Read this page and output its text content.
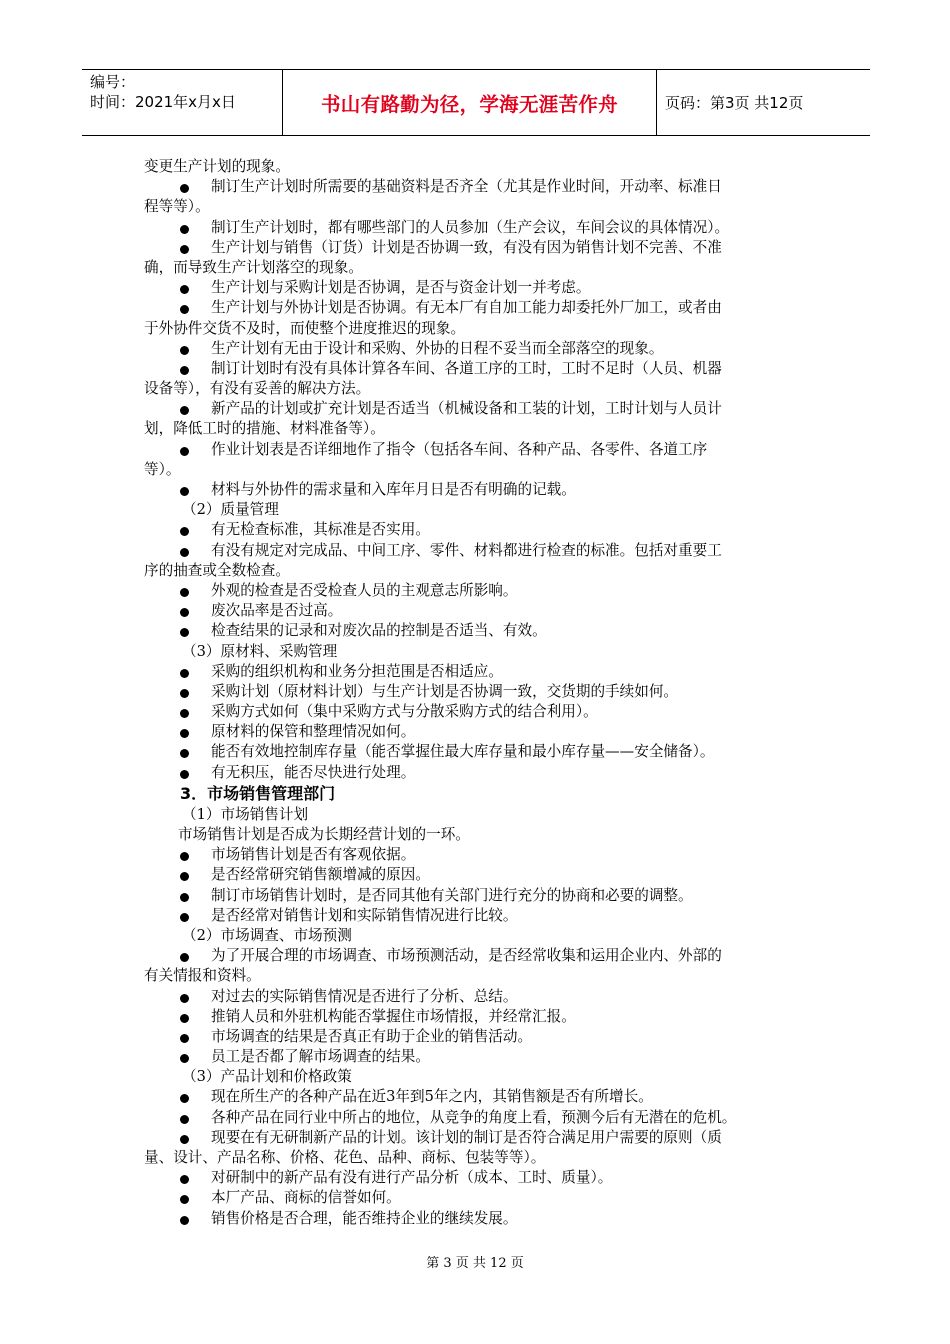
编号：
时间：2021年x月x日	书山有路勤为径，学海无涯苦作舟	页码：第3页 共12页
变更生产计划的现象。
制订生产计划时所需要的基础资料是否齐全（尤其是作业时间，开动率、标准日
程等等）。
制订生产计划时，都有哪些部门的人员参加（生产会议，车间会议的具体情况）。
生产计划与销售（订货）计划是否协调一致，有没有因为销售计划不完善、不准
确，而导致生产计划落空的现象。
生产计划与采购计划是否协调，是否与资金计划一并考虑。
生产计划与外协计划是否协调。有无本厂有自加工能力却委托外厂加工，或者由
于外协件交货不及时，而使整个进度推迟的现象。
生产计划有无由于设计和采购、外协的日程不妥当而全部落空的现象。
制订计划时有没有具体计算各车间、各道工序的工时，工时不足时（人员、机器
设备等），有没有妥善的解决方法。
新产品的计划或扩充计划是否适当（机械设备和工装的计划，工时计划与人员计
划，降低工时的措施、材料准备等）。
作业计划表是否详细地作了指令（包括各车间、各种产品、各零件、各道工序
等）。
材料与外协件的需求量和入库年月日是否有明确的记载。
（2）质量管理
有无检查标准，其标准是否实用。
有没有规定对完成品、中间工序、零件、材料都进行检查的标准。包括对重要工
序的抽查或全数检查。
外观的检查是否受检查人员的主观意志所影响。
废次品率是否过高。
检查结果的记录和对废次品的控制是否适当、有效。
（3）原材料、采购管理
采购的组织机构和业务分担范围是否相适应。
采购计划（原材料计划）与生产计划是否协调一致，交货期的手续如何。
采购方式如何（集中采购方式与分散采购方式的结合利用）。
原材料的保管和整理情况如何。
能否有效地控制库存量（能否掌握住最大库存量和最小库存量——安全储备）。
有无积压，能否尽快进行处理。
3．市场销售管理部门
（1）市场销售计划
市场销售计划是否成为长期经营计划的一环。
市场销售计划是否有客观依据。
是否经常研究销售额增减的原因。
制订市场销售计划时，是否同其他有关部门进行充分的协商和必要的调整。
是否经常对销售计划和实际销售情况进行比较。
（2）市场调查、市场预测
为了开展合理的市场调查、市场预测活动，是否经常收集和运用企业内、外部的
有关情报和资料。
对过去的实际销售情况是否进行了分析、总结。
推销人员和外驻机构能否掌握住市场情报，并经常汇报。
市场调查的结果是否真正有助于企业的销售活动。
员工是否都了解市场调查的结果。
（3）产品计划和价格政策
现在所生产的各种产品在近3年到5年之内，其销售额是否有所增长。
各种产品在同行业中所占的地位，从竞争的角度上看，预测今后有无潜在的危机。
现要在有无研制新产品的计划。该计划的制订是否符合满足用户需要的原则（质
量、设计、产品名称、价格、花色、品种、商标、包装等等）。
对研制中的新产品有没有进行产品分析（成本、工时、质量）。
本厂产品、商标的信誉如何。
销售价格是否合理，能否维持企业的继续发展。
第 3 页 共 12 页
